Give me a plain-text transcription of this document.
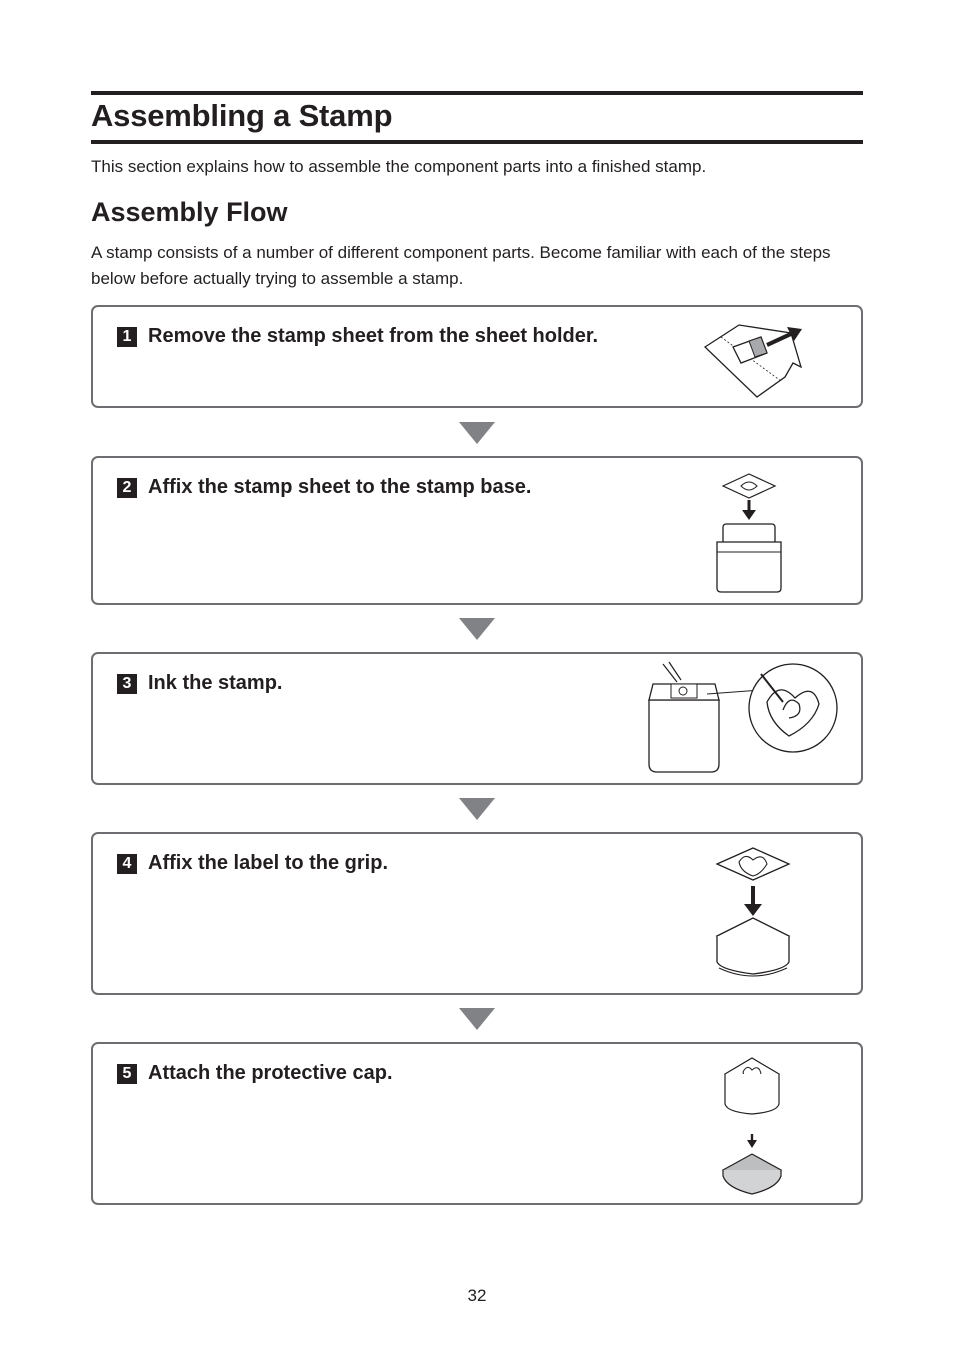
Assembling a Stamp

This section explains how to assemble the component parts into a finished stamp.

Assembly Flow

A stamp consists of a number of different component parts. Become familiar with each of the steps below before actually trying to assemble a stamp.

1 Remove the stamp sheet from the sheet holder.
2 Affix the stamp sheet to the stamp base.
3 Ink the stamp.
4 Affix the label to the grip.
5 Attach the protective cap.

32
